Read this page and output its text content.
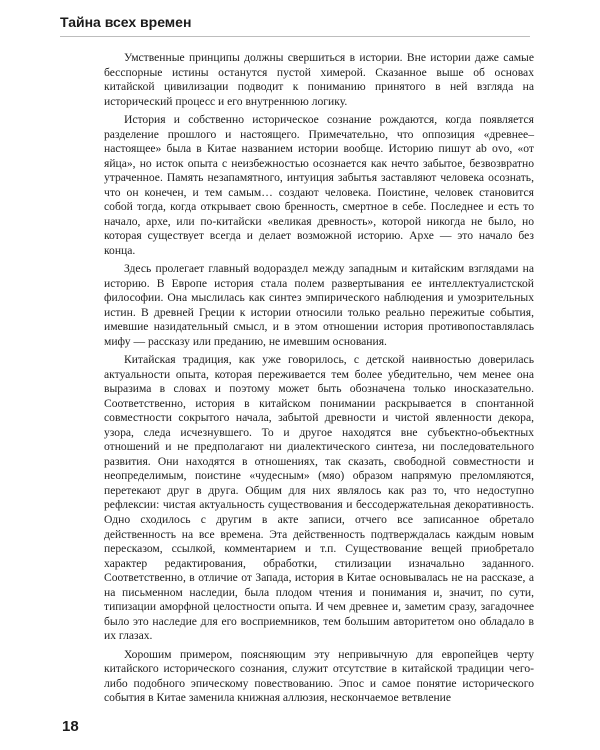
Тайна всех времен

Умственные принципы должны свершиться в истории. Вне истории даже самые бесспорные истины останутся пустой химерой. Сказанное выше об основах китайской цивилизации подводит к пониманию принятого в ней взгляда на исторический процесс и его внутреннюю логику.

История и собственно историческое сознание рождаются, когда появляется разделение прошлого и настоящего. Примечательно, что оппозиция «древнее–настоящее» была в Китае названием истории вообще. Историю пишут ab ovo, «от яйца», но исток опыта с неизбежностью осознается как нечто забытое, безвозвратно утраченное. Память незапамятного, интуиция забытья заставляют человека осознать, что он конечен, и тем самым… создают человека. Поистине, человек становится собой тогда, когда открывает свою бренность, смертное в себе. Последнее и есть то начало, архе, или по-китайски «великая древность», которой никогда не было, но которая существует всегда и делает возможной историю. Архе — это начало без конца.

Здесь пролегает главный водораздел между западным и китайским взглядами на историю. В Европе история стала полем развертывания ее интеллектуалистской философии. Она мыслилась как синтез эмпирического наблюдения и умозрительных истин. В древней Греции к истории относили только реально пережитые события, имевшие назидательный смысл, и в этом отношении история противопоставлялась мифу — рассказу или преданию, не имевшим основания.

Китайская традиция, как уже говорилось, с детской наивностью доверилась актуальности опыта, которая переживается тем более убедительно, чем менее она выразима в словах и поэтому может быть обозначена только иносказательно. Соответственно, история в китайском понимании раскрывается в спонтанной совместности сокрытого начала, забытой древности и чистой явленности декора, узора, следа исчезнувшего. То и другое находятся вне субъектно-объектных отношений и не предполагают ни диалектического синтеза, ни последовательного развития. Они находятся в отношениях, так сказать, свободной совместности и неопределимым, поистине «чудесным» (мяо) образом напрямую преломляются, перетекают друг в друга. Общим для них являлось как раз то, что недоступно рефлексии: чистая актуальность существования и бессодержательная декоративность. Одно сходилось с другим в акте записи, отчего все записанное обретало действенность на все времена. Эта действенность подтверждалась каждым новым пересказом, ссылкой, комментарием и т.п. Существование вещей приобретало характер редактирования, обработки, стилизации изначально заданного. Соответственно, в отличие от Запада, история в Китае основывалась не на рассказе, а на письменном наследии, была плодом чтения и понимания и, значит, по сути, типизации аморфной целостности опыта. И чем древнее и, заметим сразу, загадочнее было это наследие для его восприемников, тем большим авторитетом оно обладало в их глазах.

Хорошим примером, поясняющим эту непривычную для европейцев черту китайского исторического сознания, служит отсутствие в китайской традиции чего-либо подобного эпическому повествованию. Эпос и самое понятие исторического события в Китае заменила книжная аллюзия, нескончаемое ветвление

18
